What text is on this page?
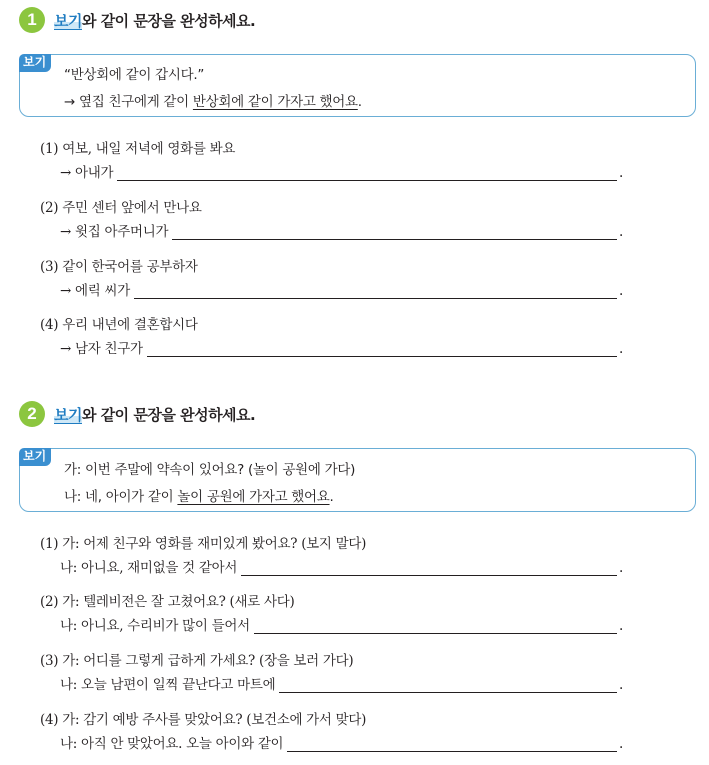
1	보기와 같이 문장을 완성하세요.
보기
“반상회에 같이 갑시다.”
→ 옆집 친구에게 같이 반상회에 같이 가자고 했어요.
(1) 여보, 내일 저녁에 영화를 봐요
→ 아내가	.
(2) 주민 센터 앞에서 만나요
→ 윗집 아주머니가	.
(3) 같이 한국어를 공부하자
→ 에릭 씨가	.
(4) 우리 내년에 결혼합시다
→ 남자 친구가	.
2	보기와 같이 문장을 완성하세요.
보기
가: 이번 주말에 약속이 있어요? (놀이 공원에 가다)
나: 네, 아이가 같이 놀이 공원에 가자고 했어요.
(1) 가: 어제 친구와 영화를 재미있게 봤어요? (보지 말다)
나: 아니요, 재미없을 것 같아서	.
(2) 가: 텔레비전은 잘 고쳤어요? (새로 사다)
나: 아니요, 수리비가 많이 들어서	.
(3) 가: 어디를 그렇게 급하게 가세요? (장을 보러 가다)
나: 오늘 남편이 일찍 끝난다고 마트에	.
(4) 가: 감기 예방 주사를 맞았어요? (보건소에 가서 맞다)
나: 아직 안 맞았어요. 오늘 아이와 같이	.
